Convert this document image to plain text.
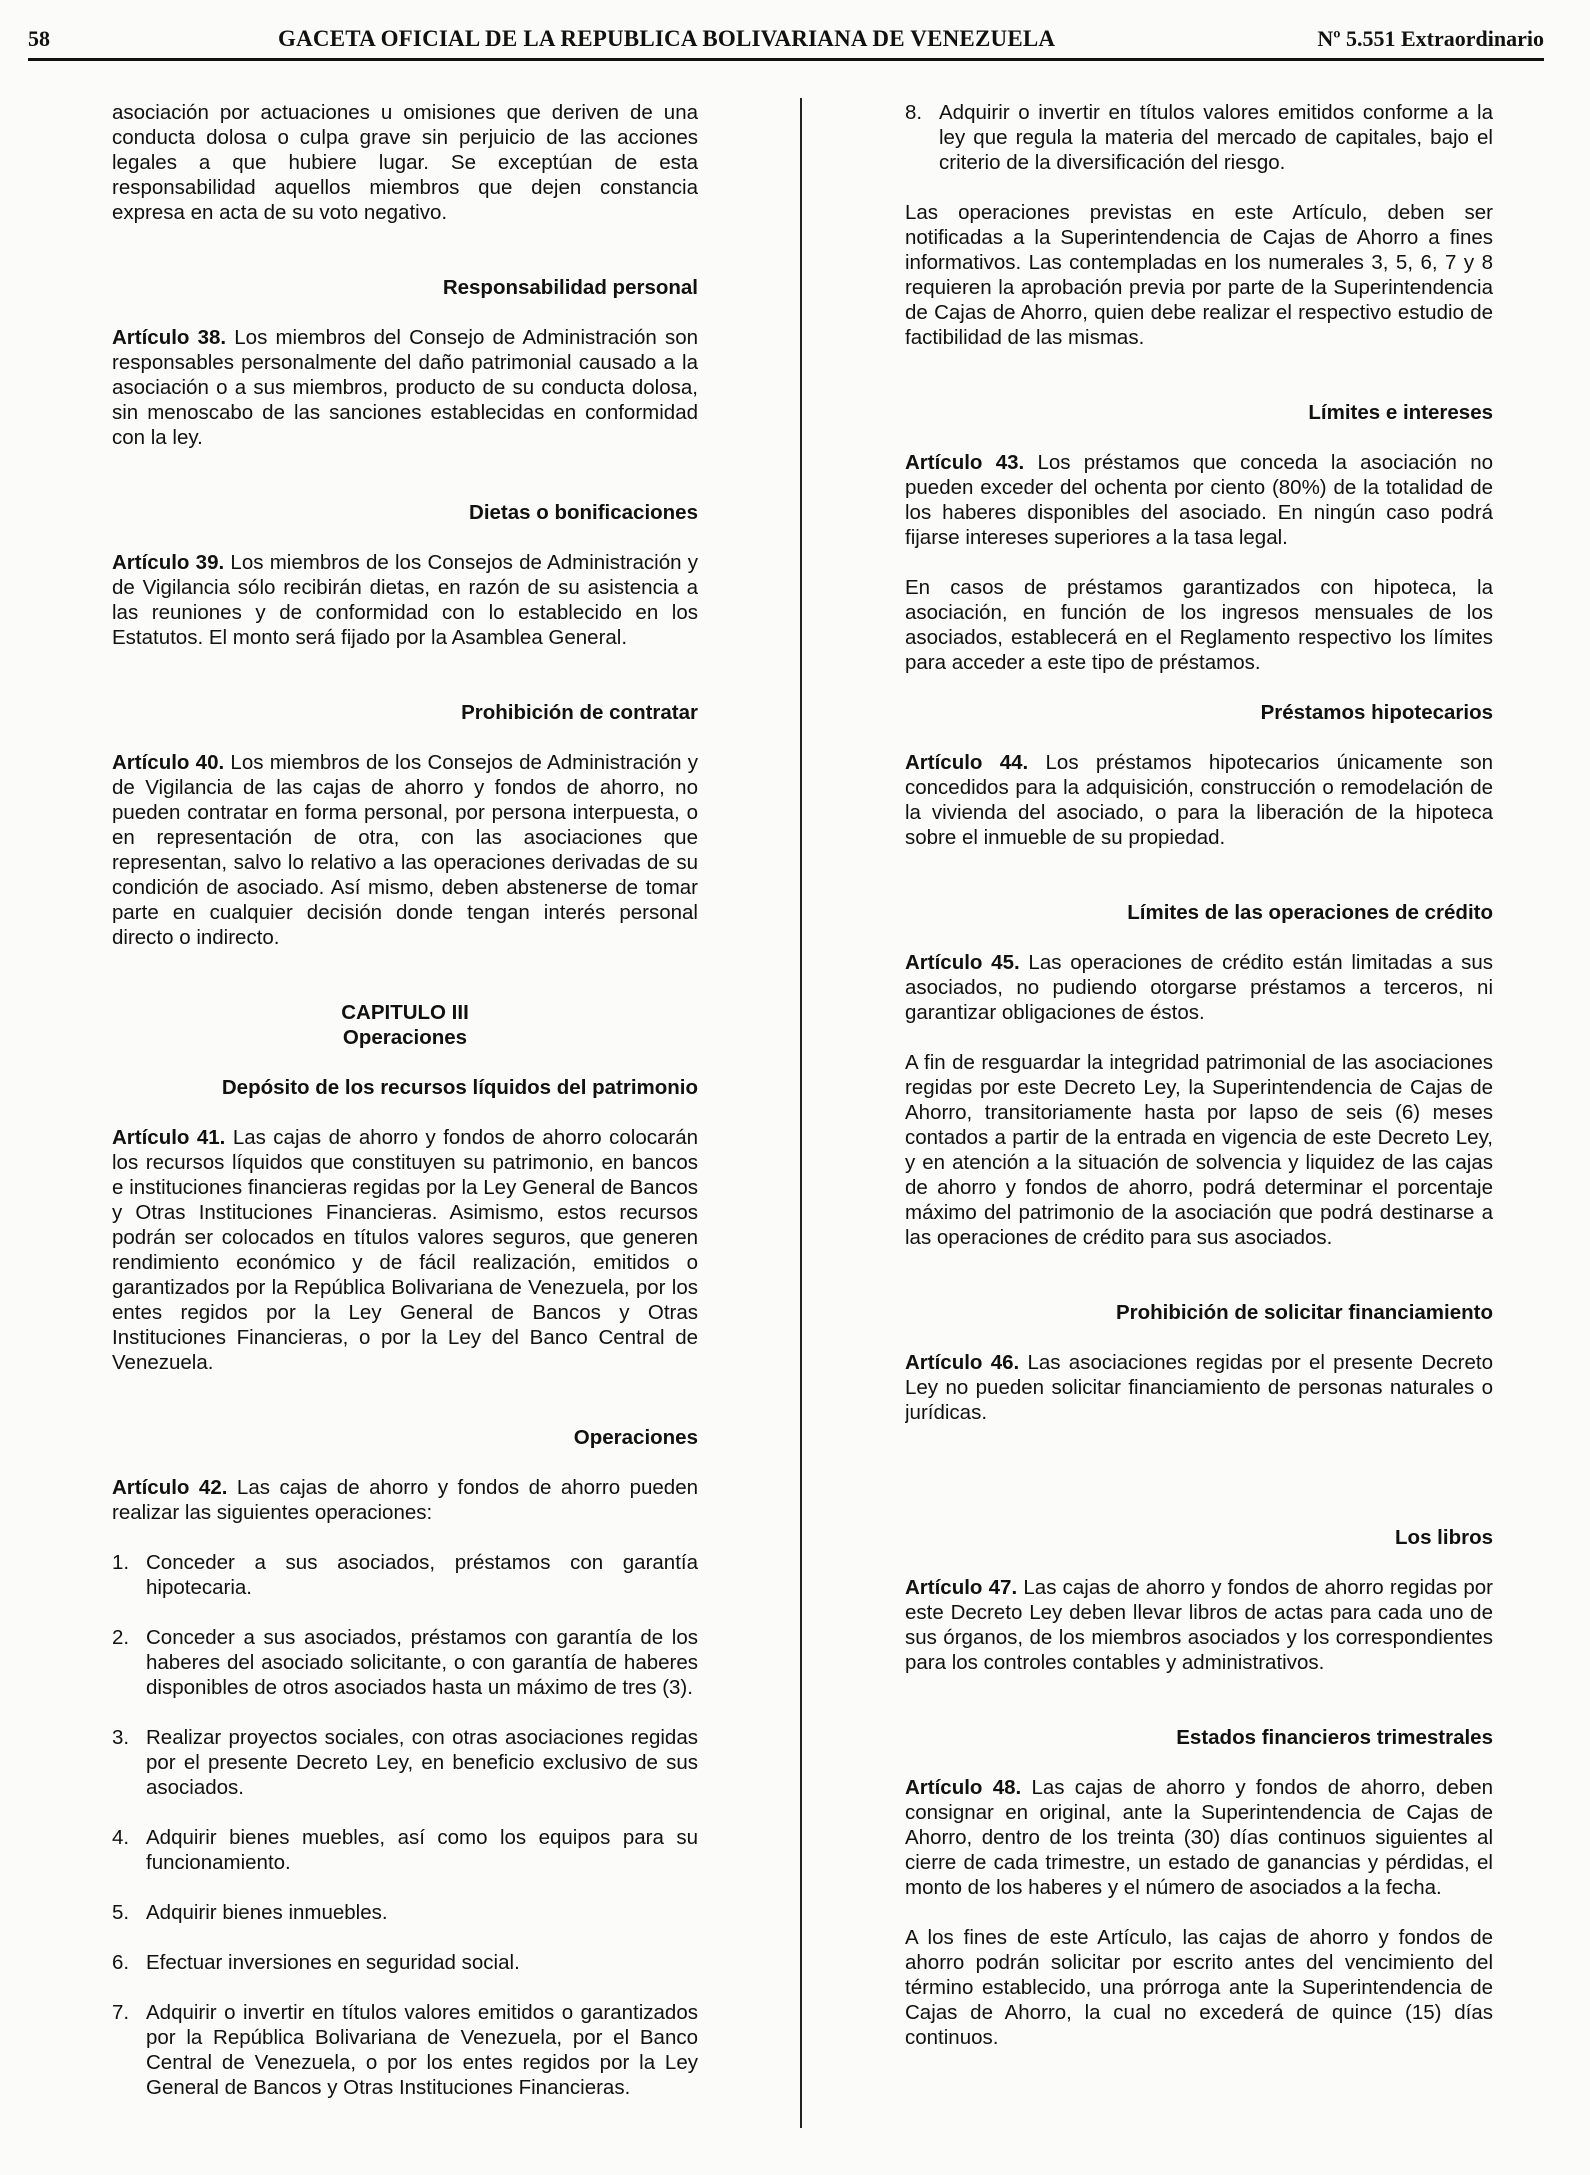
58	GACETA OFICIAL DE LA REPUBLICA BOLIVARIANA DE VENEZUELA	Nº 5.551 Extraordinario

asociación por actuaciones u omisiones que deriven de una conducta dolosa o culpa grave sin perjuicio de las acciones legales a que hubiere lugar. Se exceptúan de esta responsabilidad aquellos miembros que dejen constancia expresa en acta de su voto negativo.

Responsabilidad personal

Artículo 38. Los miembros del Consejo de Administración son responsables personalmente del daño patrimonial causado a la asociación o a sus miembros, producto de su conducta dolosa, sin menoscabo de las sanciones establecidas en conformidad con la ley.

Dietas o bonificaciones

Artículo 39. Los miembros de los Consejos de Administración y de Vigilancia sólo recibirán dietas, en razón de su asistencia a las reuniones y de conformidad con lo establecido en los Estatutos. El monto será fijado por la Asamblea General.

Prohibición de contratar

Artículo 40. Los miembros de los Consejos de Administración y de Vigilancia de las cajas de ahorro y fondos de ahorro, no pueden contratar en forma personal, por persona interpuesta, o en representación de otra, con las asociaciones que representan, salvo lo relativo a las operaciones derivadas de su condición de asociado. Así mismo, deben abstenerse de tomar parte en cualquier decisión donde tengan interés personal directo o indirecto.

CAPITULO III
Operaciones
Depósito de los recursos líquidos del patrimonio

Artículo 41. Las cajas de ahorro y fondos de ahorro colocarán los recursos líquidos que constituyen su patrimonio, en bancos e instituciones financieras regidas por la Ley General de Bancos y Otras Instituciones Financieras. Asimismo, estos recursos podrán ser colocados en títulos valores seguros, que generen rendimiento económico y de fácil realización, emitidos o garantizados por la República Bolivariana de Venezuela, por los entes regidos por la Ley General de Bancos y Otras Instituciones Financieras, o por la Ley del Banco Central de Venezuela.

Operaciones

Artículo 42. Las cajas de ahorro y fondos de ahorro pueden realizar las siguientes operaciones:

1. Conceder a sus asociados, préstamos con garantía hipotecaria.
2. Conceder a sus asociados, préstamos con garantía de los haberes del asociado solicitante, o con garantía de haberes disponibles de otros asociados hasta un máximo de tres (3).
3. Realizar proyectos sociales, con otras asociaciones regidas por el presente Decreto Ley, en beneficio exclusivo de sus asociados.
4. Adquirir bienes muebles, así como los equipos para su funcionamiento.
5. Adquirir bienes inmuebles.
6. Efectuar inversiones en seguridad social.
7. Adquirir o invertir en títulos valores emitidos o garantizados por la República Bolivariana de Venezuela, por el Banco Central de Venezuela, o por los entes regidos por la Ley General de Bancos y Otras Instituciones Financieras.
8. Adquirir o invertir en títulos valores emitidos conforme a la ley que regula la materia del mercado de capitales, bajo el criterio de la diversificación del riesgo.

Las operaciones previstas en este Artículo, deben ser notificadas a la Superintendencia de Cajas de Ahorro a fines informativos. Las contempladas en los numerales 3, 5, 6, 7 y 8 requieren la aprobación previa por parte de la Superintendencia de Cajas de Ahorro, quien debe realizar el respectivo estudio de factibilidad de las mismas.

Límites e intereses

Artículo 43. Los préstamos que conceda la asociación no pueden exceder del ochenta por ciento (80%) de la totalidad de los haberes disponibles del asociado. En ningún caso podrá fijarse intereses superiores a la tasa legal.

En casos de préstamos garantizados con hipoteca, la asociación, en función de los ingresos mensuales de los asociados, establecerá en el Reglamento respectivo los límites para acceder a este tipo de préstamos.

Préstamos hipotecarios

Artículo 44. Los préstamos hipotecarios únicamente son concedidos para la adquisición, construcción o remodelación de la vivienda del asociado, o para la liberación de la hipoteca sobre el inmueble de su propiedad.

Límites de las operaciones de crédito

Artículo 45. Las operaciones de crédito están limitadas a sus asociados, no pudiendo otorgarse préstamos a terceros, ni garantizar obligaciones de éstos.

A fin de resguardar la integridad patrimonial de las asociaciones regidas por este Decreto Ley, la Superintendencia de Cajas de Ahorro, transitoriamente hasta por lapso de seis (6) meses contados a partir de la entrada en vigencia de este Decreto Ley, y en atención a la situación de solvencia y liquidez de las cajas de ahorro y fondos de ahorro, podrá determinar el porcentaje máximo del patrimonio de la asociación que podrá destinarse a las operaciones de crédito para sus asociados.

Prohibición de solicitar financiamiento

Artículo 46. Las asociaciones regidas por el presente Decreto Ley no pueden solicitar financiamiento de personas naturales o jurídicas.

Los libros

Artículo 47. Las cajas de ahorro y fondos de ahorro regidas por este Decreto Ley deben llevar libros de actas para cada uno de sus órganos, de los miembros asociados y los correspondientes para los controles contables y administrativos.

Estados financieros trimestrales

Artículo 48. Las cajas de ahorro y fondos de ahorro, deben consignar en original, ante la Superintendencia de Cajas de Ahorro, dentro de los treinta (30) días continuos siguientes al cierre de cada trimestre, un estado de ganancias y pérdidas, el monto de los haberes y el número de asociados a la fecha.

A los fines de este Artículo, las cajas de ahorro y fondos de ahorro podrán solicitar por escrito antes del vencimiento del término establecido, una prórroga ante la Superintendencia de Cajas de Ahorro, la cual no excederá de quince (15) días continuos.
